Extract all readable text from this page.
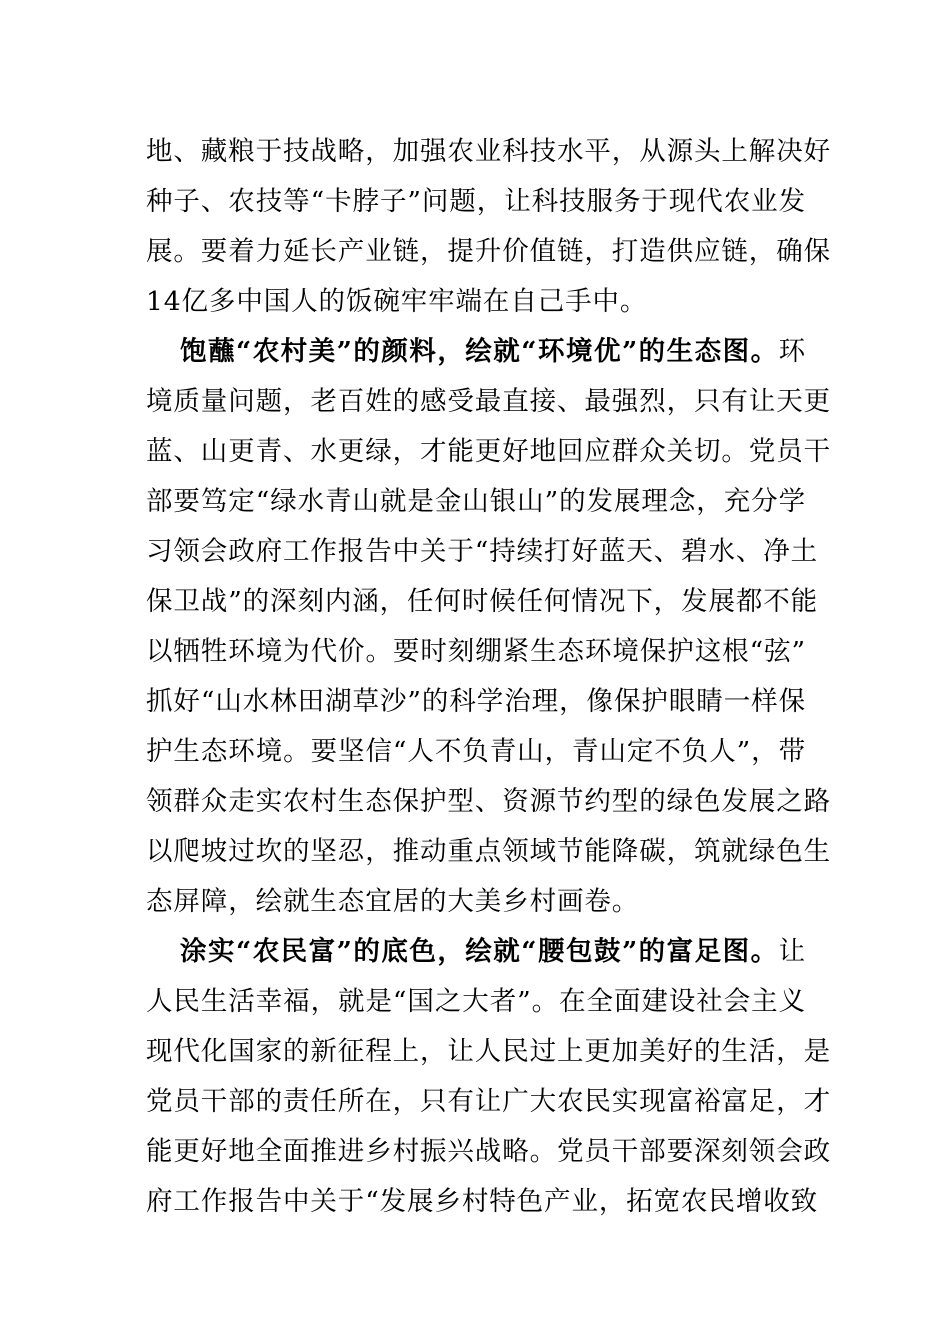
地、藏粮于技战略，加强农业科技水平，从源头上解决好
种子、农技等“卡脖子”问题，让科技服务于现代农业发
展。要着力延长产业链，提升价值链，打造供应链，确保
14亿多中国人的饭碗牢牢端在自己手中。
饱蘸“农村美”的颜料，绘就“环境优”的生态图。环
境质量问题，老百姓的感受最直接、最强烈，只有让天更
蓝、山更青、水更绿，才能更好地回应群众关切。党员干
部要笃定“绿水青山就是金山银山”的发展理念，充分学
习领会政府工作报告中关于“持续打好蓝天、碧水、净土
保卫战”的深刻内涵，任何时候任何情况下，发展都不能
以牺牲环境为代价。要时刻绷紧生态环境保护这根“弦”
抓好“山水林田湖草沙”的科学治理，像保护眼睛一样保
护生态环境。要坚信“人不负青山，青山定不负人”，带
领群众走实农村生态保护型、资源节约型的绿色发展之路
以爬坡过坎的坚忍，推动重点领域节能降碳，筑就绿色生
态屏障，绘就生态宜居的大美乡村画卷。
涂实“农民富”的底色，绘就“腰包鼓”的富足图。让
人民生活幸福，就是“国之大者”。在全面建设社会主义
现代化国家的新征程上，让人民过上更加美好的生活，是
党员干部的责任所在，只有让广大农民实现富裕富足，才
能更好地全面推进乡村振兴战略。党员干部要深刻领会政
府工作报告中关于“发展乡村特色产业，拓宽农民增收致
